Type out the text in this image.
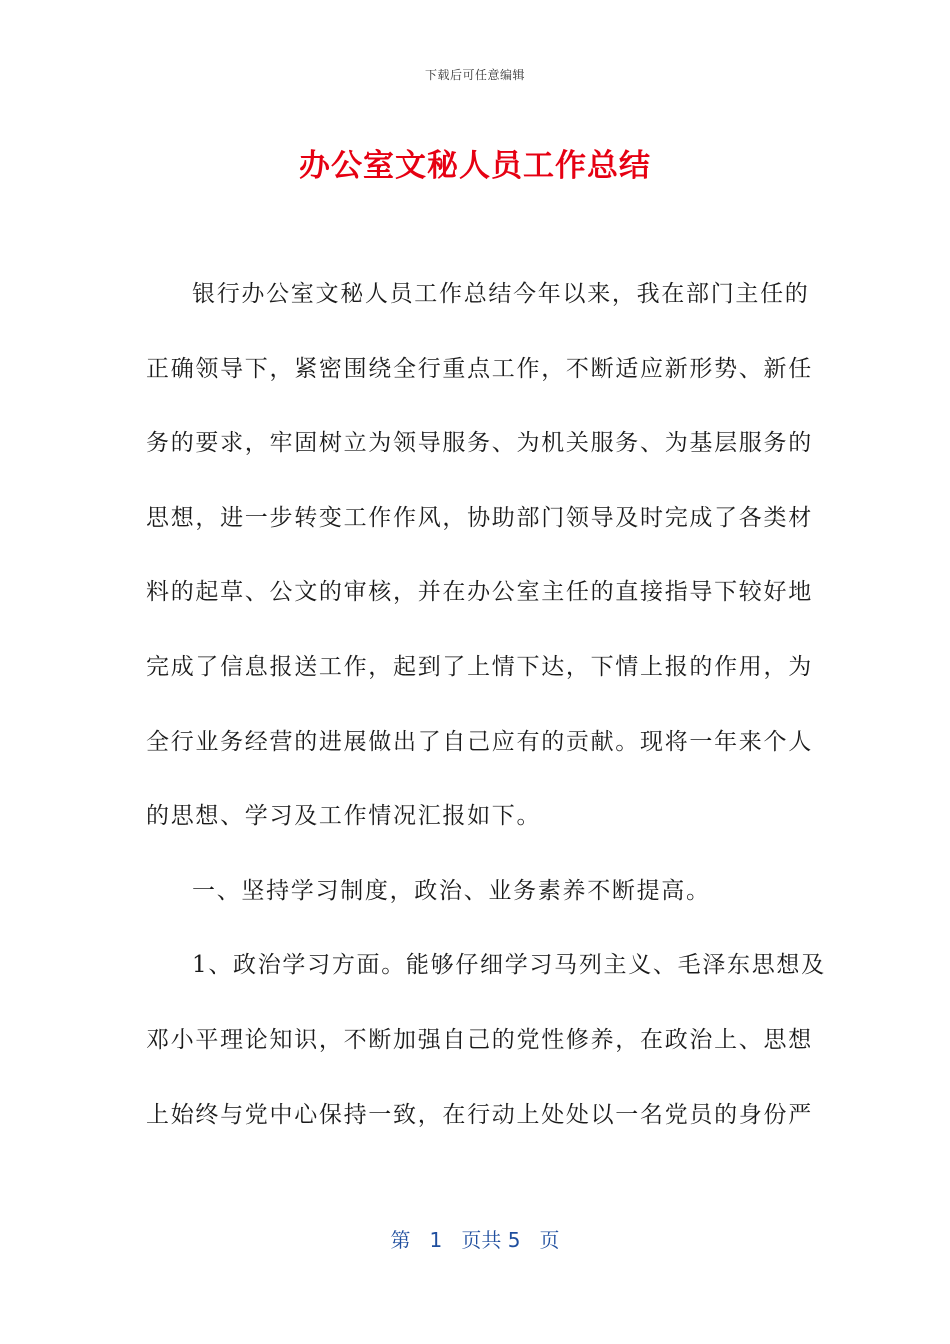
下载后可任意编辑
办公室文秘人员工作总结
银行办公室文秘人员工作总结今年以来，我在部门主任的
正确领导下，紧密围绕全行重点工作，不断适应新形势、新任
务的要求，牢固树立为领导服务、为机关服务、为基层服务的
思想，进一步转变工作作风，协助部门领导及时完成了各类材
料的起草、公文的审核，并在办公室主任的直接指导下较好地
完成了信息报送工作，起到了上情下达，下情上报的作用，为
全行业务经营的进展做出了自己应有的贡献。现将一年来个人
的思想、学习及工作情况汇报如下。
一、坚持学习制度，政治、业务素养不断提高。
1、政治学习方面。能够仔细学习马列主义、毛泽东思想及
邓小平理论知识，不断加强自己的党性修养，在政治上、思想
上始终与党中心保持一致，在行动上处处以一名党员的身份严
第 1 页共 5 页
